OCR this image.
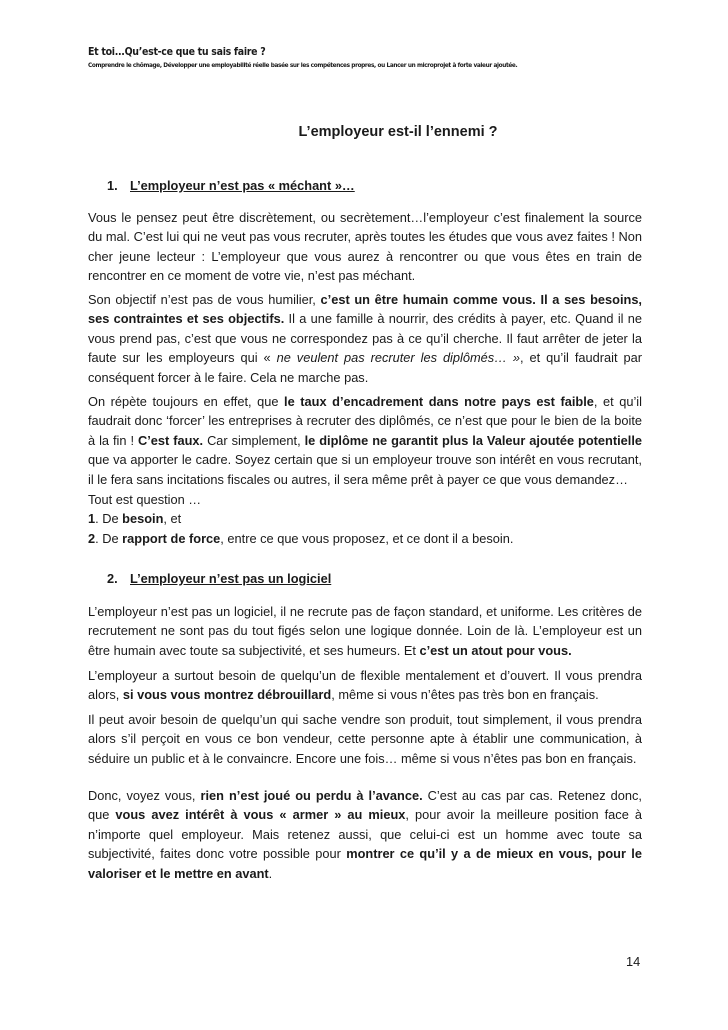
Et toi...Qu’est-ce que tu sais faire ?
Comprendre le chômage, Développer une employabilité réelle basée sur les compétences propres, ou Lancer un microprojet à forte valeur ajoutée.
L’employeur est-il l’ennemi ?
1. L’employeur n’est pas « méchant »…
Vous le pensez peut être discrètement, ou secrètement…l’employeur c’est finalement la source du mal. C’est lui qui ne veut pas vous recruter, après toutes les études que vous avez faites ! Non cher jeune lecteur : L’employeur que vous aurez à rencontrer ou que vous êtes en train de rencontrer en ce moment de votre vie, n’est pas méchant.
Son objectif n’est pas de vous humilier, c’est un être humain comme vous. Il a ses besoins, ses contraintes et ses objectifs. Il a une famille à nourrir, des crédits à payer, etc. Quand il ne vous prend pas, c’est que vous ne correspondez pas à ce qu’il cherche. Il faut arrêter de jeter la faute sur les employeurs qui « ne veulent pas recruter les diplômés… », et qu’il faudrait par conséquent forcer à le faire. Cela ne marche pas.
On répète toujours en effet, que le taux d’encadrement dans notre pays est faible, et qu’il faudrait donc ‘forcer’ les entreprises à recruter des diplômés, ce n’est que pour le bien de la boite à la fin ! C’est faux. Car simplement, le diplôme ne garantit plus la Valeur ajoutée potentielle que va apporter le cadre. Soyez certain que si un employeur trouve son intérêt en vous recrutant, il le fera sans incitations fiscales ou autres, il sera même prêt à payer ce que vous demandez…
Tout est question …
1. De besoin, et
2. De rapport de force, entre ce que vous proposez, et ce dont il a besoin.
2. L’employeur n’est pas un logiciel
L’employeur n’est pas un logiciel, il ne recrute pas de façon standard, et uniforme. Les critères de recrutement ne sont pas du tout figés selon une logique donnée. Loin de là. L’employeur est un être humain avec toute sa subjectivité, et ses humeurs. Et c’est un atout pour vous.
L’employeur a surtout besoin de quelqu’un de flexible mentalement et d’ouvert. Il vous prendra alors, si vous vous montrez débrouillard, même si vous n’êtes pas très bon en français.
Il peut avoir besoin de quelqu’un qui sache vendre son produit, tout simplement, il vous prendra alors s’il perçoit en vous ce bon vendeur, cette personne apte à établir une communication, à séduire un public et à le convaincre. Encore une fois… même si vous n’êtes pas bon en français.
Donc, voyez vous, rien n’est joué ou perdu à l’avance. C’est au cas par cas. Retenez donc, que vous avez intérêt à vous « armer » au mieux, pour avoir la meilleure position face à n’importe quel employeur. Mais retenez aussi, que celui-ci est un homme avec toute sa subjectivité, faites donc votre possible pour montrer ce qu’il y a de mieux en vous, pour le valoriser et le mettre en avant.
14
